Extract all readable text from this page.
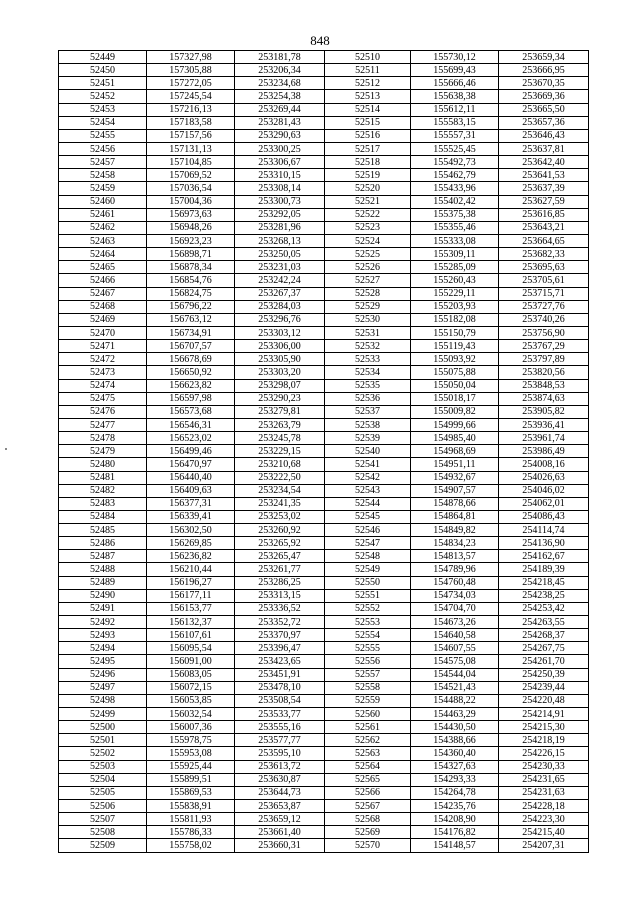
848
52449	157327,98	253181,78	52510	155730,12	253659,34
52450	157305,88	253206,34	52511	155699,43	253666,95
52451	157272,05	253234,68	52512	155666,46	253670,35
52452	157245,54	253254,38	52513	155638,38	253669,36
52453	157216,13	253269,44	52514	155612,11	253665,50
52454	157183,58	253281,43	52515	155583,15	253657,36
52455	157157,56	253290,63	52516	155557,31	253646,43
52456	157131,13	253300,25	52517	155525,45	253637,81
52457	157104,85	253306,67	52518	155492,73	253642,40
52458	157069,52	253310,15	52519	155462,79	253641,53
52459	157036,54	253308,14	52520	155433,96	253637,39
52460	157004,36	253300,73	52521	155402,42	253627,59
52461	156973,63	253292,05	52522	155375,38	253616,85
52462	156948,26	253281,96	52523	155355,46	253643,21
52463	156923,23	253268,13	52524	155333,08	253664,65
52464	156898,71	253250,05	52525	155309,11	253682,33
52465	156878,34	253231,03	52526	155285,09	253695,63
52466	156854,76	253242,24	52527	155260,43	253705,61
52467	156824,75	253267,37	52528	155229,11	253715,71
52468	156796,22	253284,03	52529	155203,93	253727,76
52469	156763,12	253296,76	52530	155182,08	253740,26
52470	156734,91	253303,12	52531	155150,79	253756,90
52471	156707,57	253306,00	52532	155119,43	253767,29
52472	156678,69	253305,90	52533	155093,92	253797,89
52473	156650,92	253303,20	52534	155075,88	253820,56
52474	156623,82	253298,07	52535	155050,04	253848,53
52475	156597,98	253290,23	52536	155018,17	253874,63
52476	156573,68	253279,81	52537	155009,82	253905,82
52477	156546,31	253263,79	52538	154999,66	253936,41
52478	156523,02	253245,78	52539	154985,40	253961,74
52479	156499,46	253229,15	52540	154968,69	253986,49
52480	156470,97	253210,68	52541	154951,11	254008,16
52481	156440,40	253222,50	52542	154932,67	254026,63
52482	156409,63	253234,54	52543	154907,57	254046,02
52483	156377,31	253241,35	52544	154878,66	254062,01
52484	156339,41	253253,02	52545	154864,81	254086,43
52485	156302,50	253260,92	52546	154849,82	254114,74
52486	156269,85	253265,92	52547	154834,23	254136,90
52487	156236,82	253265,47	52548	154813,57	254162,67
52488	156210,44	253261,77	52549	154789,96	254189,39
52489	156196,27	253286,25	52550	154760,48	254218,45
52490	156177,11	253313,15	52551	154734,03	254238,25
52491	156153,77	253336,52	52552	154704,70	254253,42
52492	156132,37	253352,72	52553	154673,26	254263,55
52493	156107,61	253370,97	52554	154640,58	254268,37
52494	156095,54	253396,47	52555	154607,55	254267,75
52495	156091,00	253423,65	52556	154575,08	254261,70
52496	156083,05	253451,91	52557	154544,04	254250,39
52497	156072,15	253478,10	52558	154521,43	254239,44
52498	156053,85	253508,54	52559	154488,22	254220,48
52499	156032,54	253533,77	52560	154463,29	254214,91
52500	156007,36	253555,16	52561	154430,50	254215,30
52501	155978,75	253577,77	52562	154388,66	254218,19
52502	155953,08	253595,10	52563	154360,40	254226,15
52503	155925,44	253613,72	52564	154327,63	254230,33
52504	155899,51	253630,87	52565	154293,33	254231,65
52505	155869,53	253644,73	52566	154264,78	254231,63
52506	155838,91	253653,87	52567	154235,76	254228,18
52507	155811,93	253659,12	52568	154208,90	254223,30
52508	155786,33	253661,40	52569	154176,82	254215,40
52509	155758,02	253660,31	52570	154148,57	254207,31
